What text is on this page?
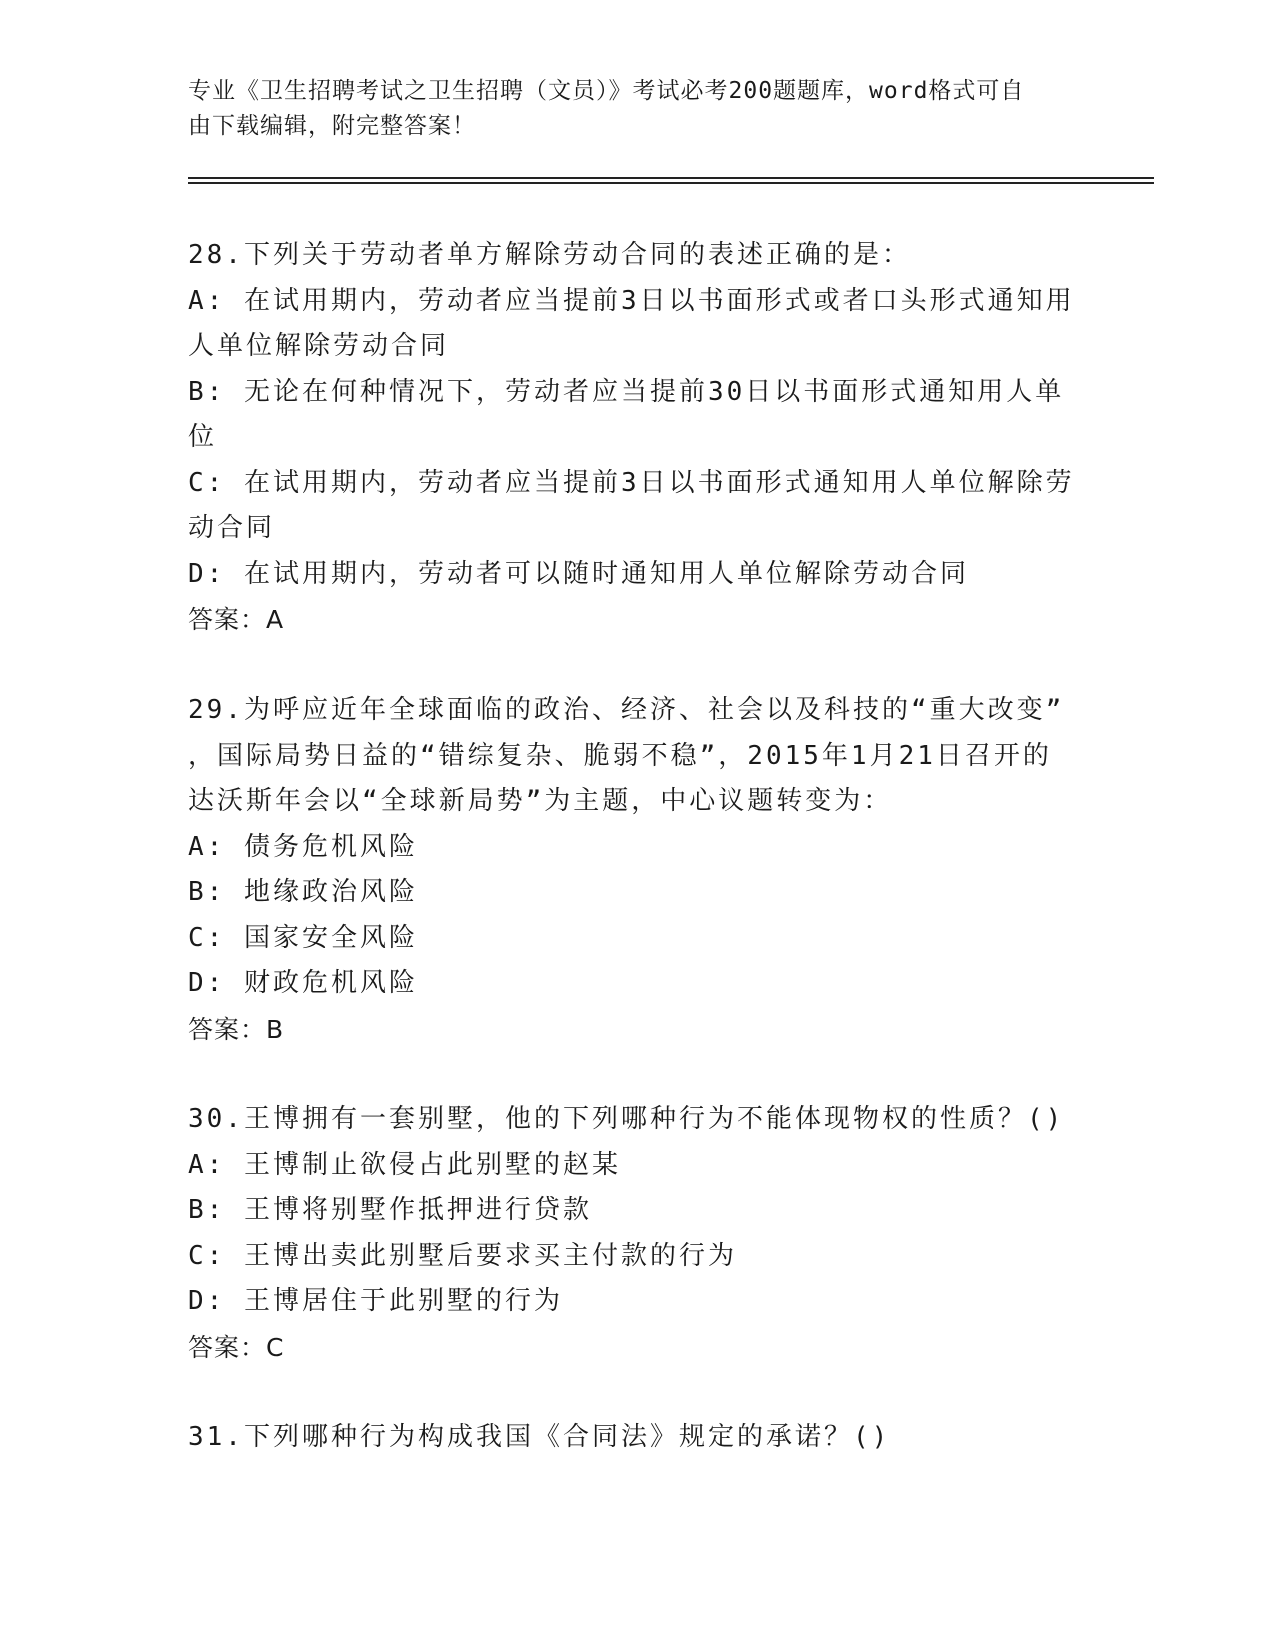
专业《卫生招聘考试之卫生招聘（文员）》考试必考200题题库，word格式可自
由下载编辑，附完整答案！
28.下列关于劳动者单方解除劳动合同的表述正确的是：
A: 在试用期内，劳动者应当提前3日以书面形式或者口头形式通知用
人单位解除劳动合同
B: 无论在何种情况下，劳动者应当提前30日以书面形式通知用人单
位
C: 在试用期内，劳动者应当提前3日以书面形式通知用人单位解除劳
动合同
D: 在试用期内，劳动者可以随时通知用人单位解除劳动合同
答案：A
29.为呼应近年全球面临的政治、经济、社会以及科技的“重大改变”
，国际局势日益的“错综复杂、脆弱不稳”，2015年1月21日召开的
达沃斯年会以“全球新局势”为主题，中心议题转变为：
A: 债务危机风险
B: 地缘政治风险
C: 国家安全风险
D: 财政危机风险
答案：B
30.王博拥有一套别墅，他的下列哪种行为不能体现物权的性质？()
A: 王博制止欲侵占此别墅的赵某
B: 王博将别墅作抵押进行贷款
C: 王博出卖此别墅后要求买主付款的行为
D: 王博居住于此别墅的行为
答案：C
31.下列哪种行为构成我国《合同法》规定的承诺？()
